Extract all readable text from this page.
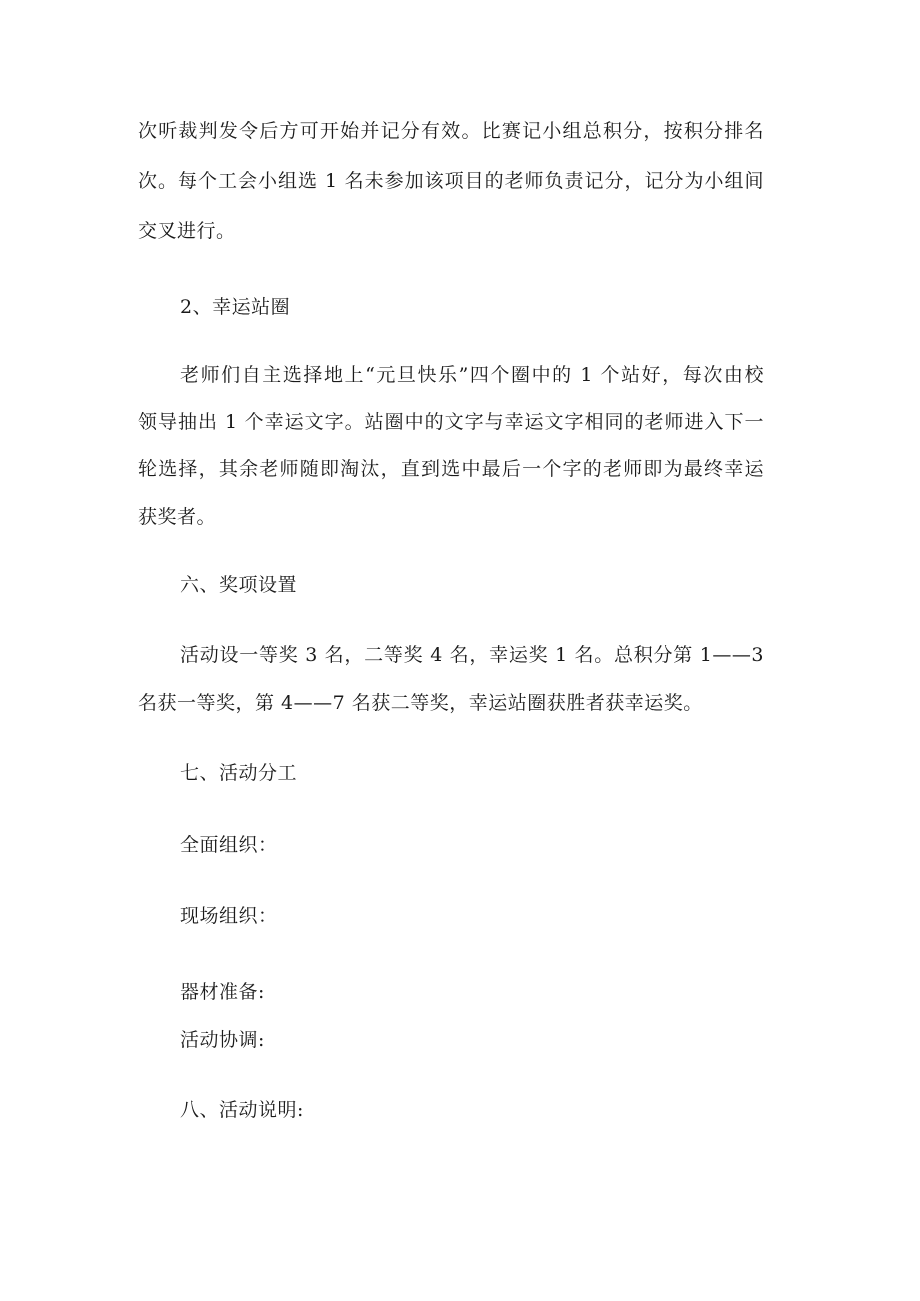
次听裁判发令后方可开始并记分有效。比赛记小组总积分，按积分排名
次。每个工会小组选 1 名未参加该项目的老师负责记分，记分为小组间
交叉进行。
2、幸运站圈
老师们自主选择地上“元旦快乐”四个圈中的 1 个站好，每次由校
领导抽出 1 个幸运文字。站圈中的文字与幸运文字相同的老师进入下一
轮选择，其余老师随即淘汰，直到选中最后一个字的老师即为最终幸运
获奖者。
六、奖项设置
活动设一等奖 3 名，二等奖 4 名，幸运奖 1 名。总积分第 1——3
名获一等奖，第 4——7 名获二等奖，幸运站圈获胜者获幸运奖。
七、活动分工
全面组织：
现场组织：
器材准备:
活动协调:
八、活动说明:
